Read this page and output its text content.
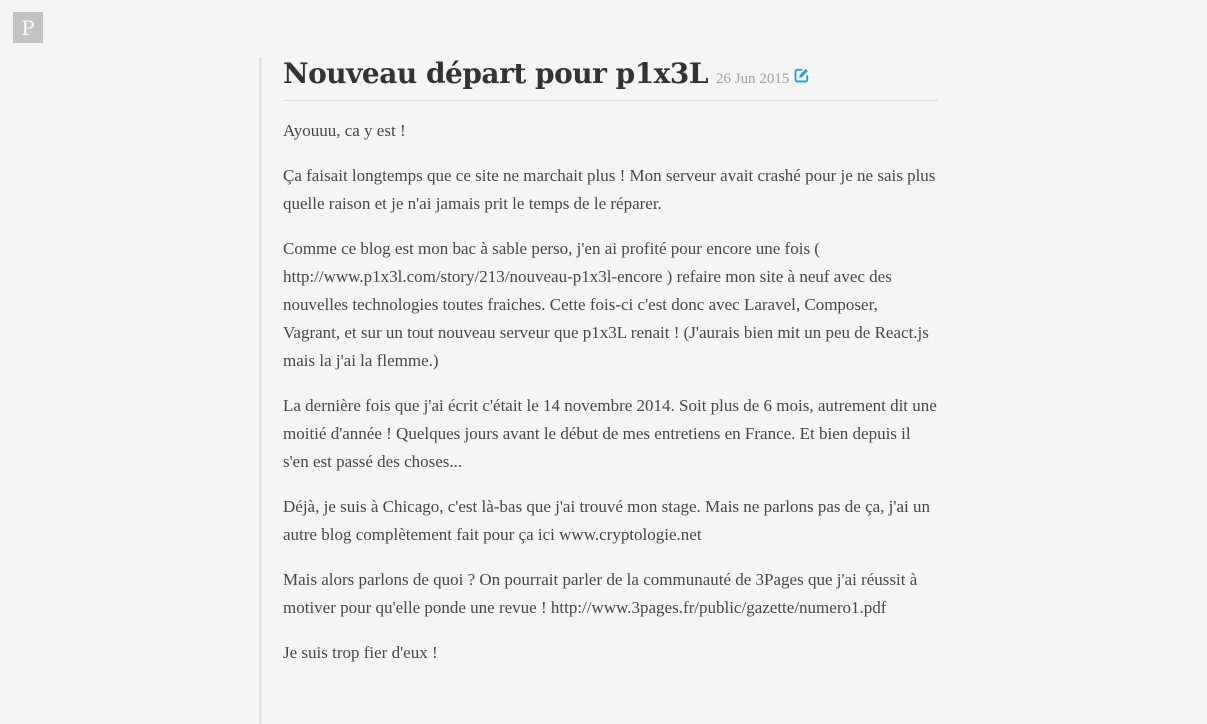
P
Nouveau départ pour p1x3L 26 Jun 2015

Ayouuu, ca y est !

Ça faisait longtemps que ce site ne marchait plus ! Mon serveur avait crashé pour je ne sais plus quelle raison et je n'ai jamais prit le temps de le réparer.

Comme ce blog est mon bac à sable perso, j'en ai profité pour encore une fois ( http://www.p1x3l.com/story/213/nouveau-p1x3l-encore ) refaire mon site à neuf avec des nouvelles technologies toutes fraiches. Cette fois-ci c'est donc avec Laravel, Composer, Vagrant, et sur un tout nouveau serveur que p1x3L renait ! (J'aurais bien mit un peu de React.js mais la j'ai la flemme.)

La dernière fois que j'ai écrit c'était le 14 novembre 2014. Soit plus de 6 mois, autrement dit une moitié d'année ! Quelques jours avant le début de mes entretiens en France. Et bien depuis il s'en est passé des choses...

Déjà, je suis à Chicago, c'est là-bas que j'ai trouvé mon stage. Mais ne parlons pas de ça, j'ai un autre blog complètement fait pour ça ici www.cryptologie.net

Mais alors parlons de quoi ? On pourrait parler de la communauté de 3Pages que j'ai réussit à motiver pour qu'elle ponde une revue ! http://www.3pages.fr/public/gazette/numero1.pdf

Je suis trop fier d'eux !
